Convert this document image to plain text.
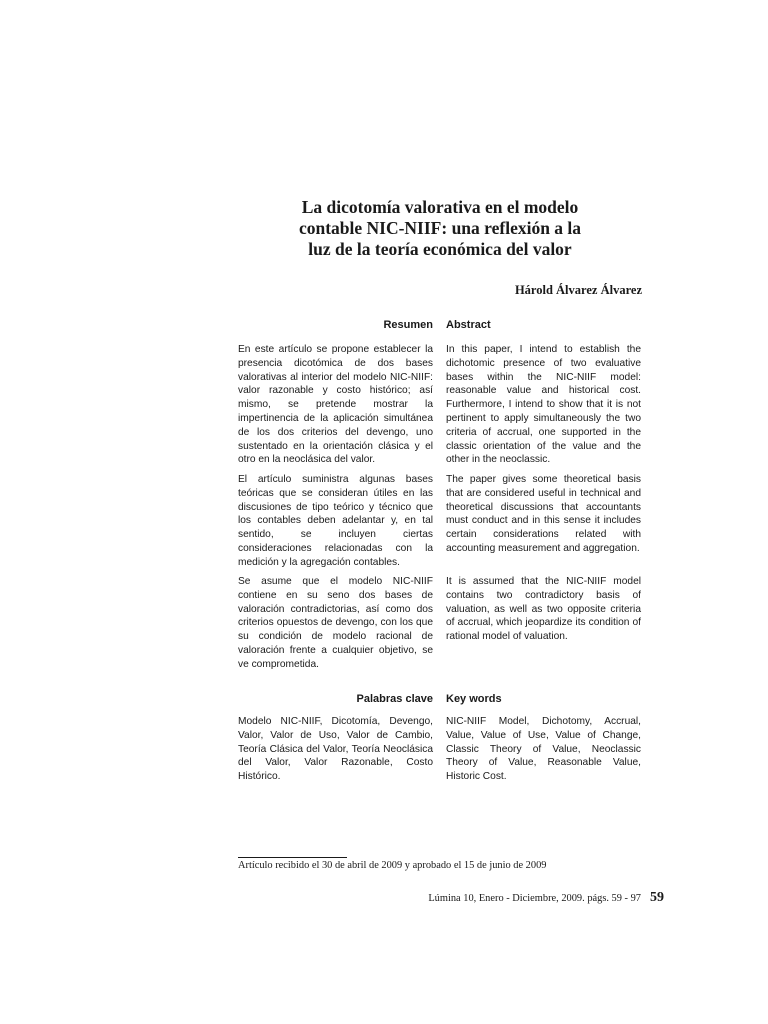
La dicotomía valorativa en el modelo
contable NIC-NIIF: una reflexión a la
luz de la teoría económica del valor
Hárold Álvarez Álvarez
Resumen
En este artículo se propone establecer la presencia dicotómica de dos bases valorativas al interior del modelo NIC-NIIF: valor razonable y costo histórico; así mismo, se pretende mostrar la impertinencia de la aplicación simultánea de los dos criterios del devengo, uno sustentado en la orientación clásica y el otro en la neoclásica del valor.
El artículo suministra algunas bases teóricas que se consideran útiles en las discusiones de tipo teórico y técnico que los contables deben adelantar y, en tal sentido, se incluyen ciertas consideraciones relacionadas con la medición y la agregación contables.
Se asume que el modelo NIC-NIIF contiene en su seno dos bases de valoración contradictorias, así como dos criterios opuestos de devengo, con los que su condición de modelo racional de valoración frente a cualquier objetivo, se ve comprometida.
Abstract
In this paper, I intend to establish the dichotomic presence of two evaluative bases within the NIC-NIIF model: reasonable value and historical cost. Furthermore, I intend to show that it is not pertinent to apply simultaneously the two criteria of accrual, one supported in the classic orientation of the value and the other in the neoclassic.
The paper gives some theoretical basis that are considered useful in technical and theoretical discussions that accountants must conduct and in this sense it includes certain considerations related with accounting measurement and aggregation.
It is assumed that the NIC-NIIF model contains two contradictory basis of valuation, as well as two opposite criteria of accrual, which jeopardize its condition of rational model of valuation.
Palabras clave
Modelo NIC-NIIF, Dicotomía, Devengo, Valor, Valor de Uso, Valor de Cambio, Teoría Clásica del Valor, Teoría Neoclásica del Valor, Valor Razonable, Costo Histórico.
Key words
NIC-NIIF Model, Dichotomy, Accrual, Value, Value of Use, Value of Change, Classic Theory of Value, Neoclassic Theory of Value, Reasonable Value, Historic Cost.
Artículo recibido el 30 de abril de 2009 y aprobado el 15 de junio de 2009
Lúmina 10, Enero - Diciembre, 2009. págs. 59 - 97 59
